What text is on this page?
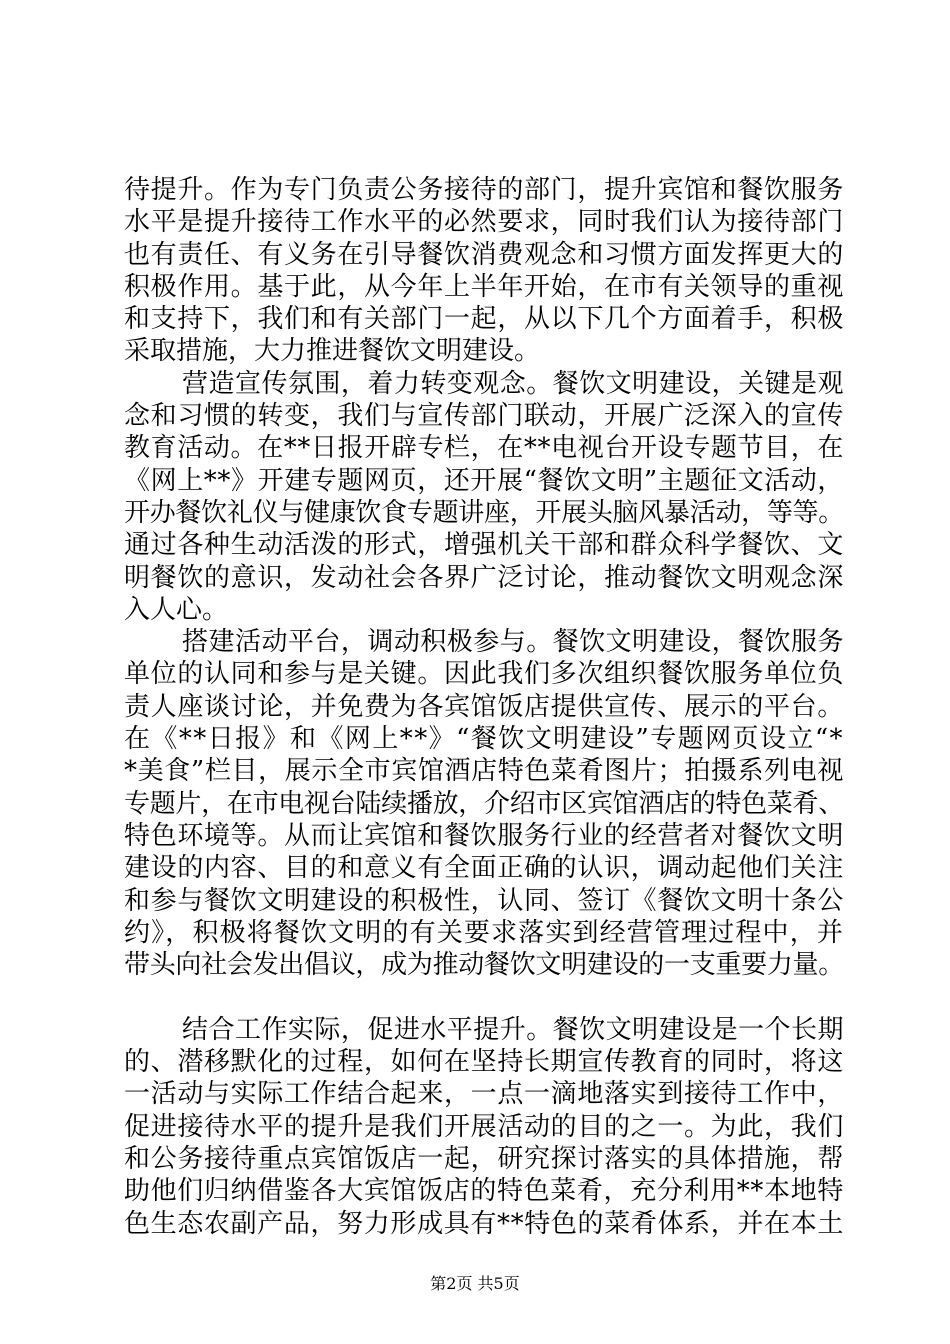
待提升。作为专门负责公务接待的部门，提升宾馆和餐饮服务
水平是提升接待工作水平的必然要求，同时我们认为接待部门
也有责任、有义务在引导餐饮消费观念和习惯方面发挥更大的
积极作用。基于此，从今年上半年开始，在市有关领导的重视
和支持下，我们和有关部门一起，从以下几个方面着手，积极
采取措施，大力推进餐饮文明建设。
营造宣传氛围，着力转变观念。餐饮文明建设，关键是观
念和习惯的转变，我们与宣传部门联动，开展广泛深入的宣传
教育活动。在**日报开辟专栏，在**电视台开设专题节目，在
《网上**》开建专题网页，还开展“餐饮文明”主题征文活动，
开办餐饮礼仪与健康饮食专题讲座，开展头脑风暴活动，等等。
通过各种生动活泼的形式，增强机关干部和群众科学餐饮、文
明餐饮的意识，发动社会各界广泛讨论，推动餐饮文明观念深
入人心。
搭建活动平台，调动积极参与。餐饮文明建设，餐饮服务
单位的认同和参与是关键。因此我们多次组织餐饮服务单位负
责人座谈讨论，并免费为各宾馆饭店提供宣传、展示的平台。
在《**日报》和《网上**》“餐饮文明建设”专题网页设立“*
*美食”栏目，展示全市宾馆酒店特色菜肴图片；拍摄系列电视
专题片，在市电视台陆续播放，介绍市区宾馆酒店的特色菜肴、
特色环境等。从而让宾馆和餐饮服务行业的经营者对餐饮文明
建设的内容、目的和意义有全面正确的认识，调动起他们关注
和参与餐饮文明建设的积极性，认同、签订《餐饮文明十条公
约》，积极将餐饮文明的有关要求落实到经营管理过程中，并
带头向社会发出倡议，成为推动餐饮文明建设的一支重要力量。
结合工作实际，促进水平提升。餐饮文明建设是一个长期
的、潜移默化的过程，如何在坚持长期宣传教育的同时，将这
一活动与实际工作结合起来，一点一滴地落实到接待工作中，
促进接待水平的提升是我们开展活动的目的之一。为此，我们
和公务接待重点宾馆饭店一起，研究探讨落实的具体措施，帮
助他们归纳借鉴各大宾馆饭店的特色菜肴，充分利用**本地特
色生态农副产品，努力形成具有**特色的菜肴体系，并在本土
第2页 共5页
